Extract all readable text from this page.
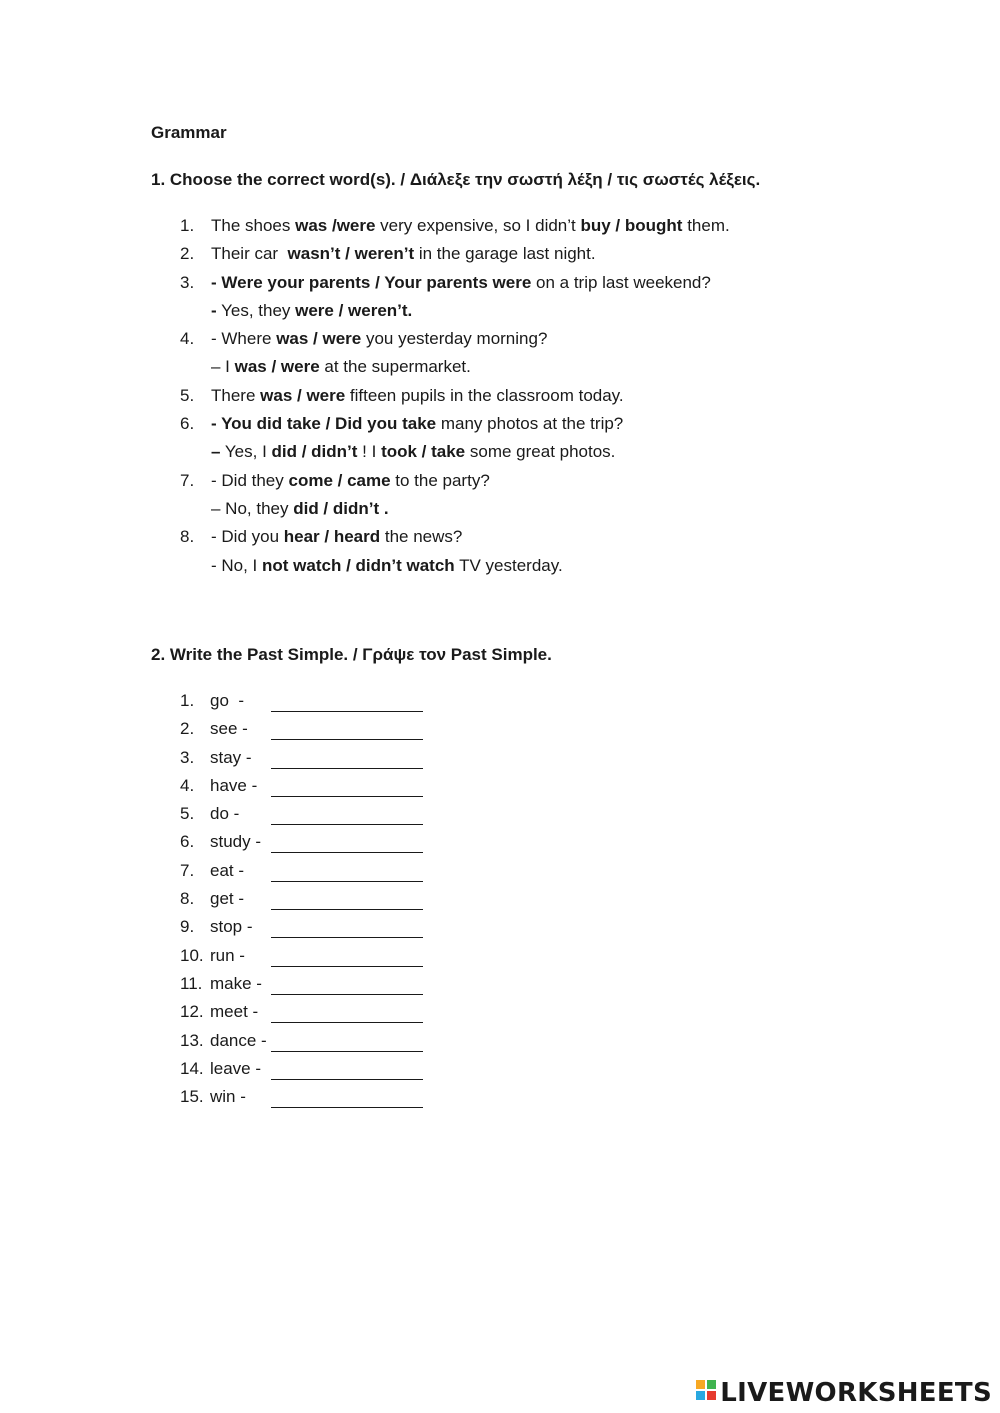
Grammar
1. Choose the correct word(s). / Διάλεξε την σωστή λέξη / τις σωστές λέξεις.
1. The shoes was /were very expensive, so I didn’t buy / bought them.
2. Their car  wasn’t / weren’t in the garage last night.
3. - Were your parents / Your parents were on a trip last weekend?
- Yes, they were / weren’t.
4. - Where was / were you yesterday morning?
– I was / were at the supermarket.
5. There was / were fifteen pupils in the classroom today.
6. - You did take / Did you take many photos at the trip?
– Yes, I did / didn’t ! I took / take some great photos.
7. - Did they come / came to the party?
– No, they did / didn’t .
8. - Did you hear / heard the news?
- No, I not watch / didn’t watch TV yesterday.
2. Write the Past Simple. / Γράψε τον Past Simple.
1. go  -
2. see -
3. stay -
4. have -
5. do -
6. study -
7. eat -
8. get -
9. stop -
10. run -
11. make -
12. meet -
13. dance -
14. leave -
15. win -
LIVEWORKSHEETS
